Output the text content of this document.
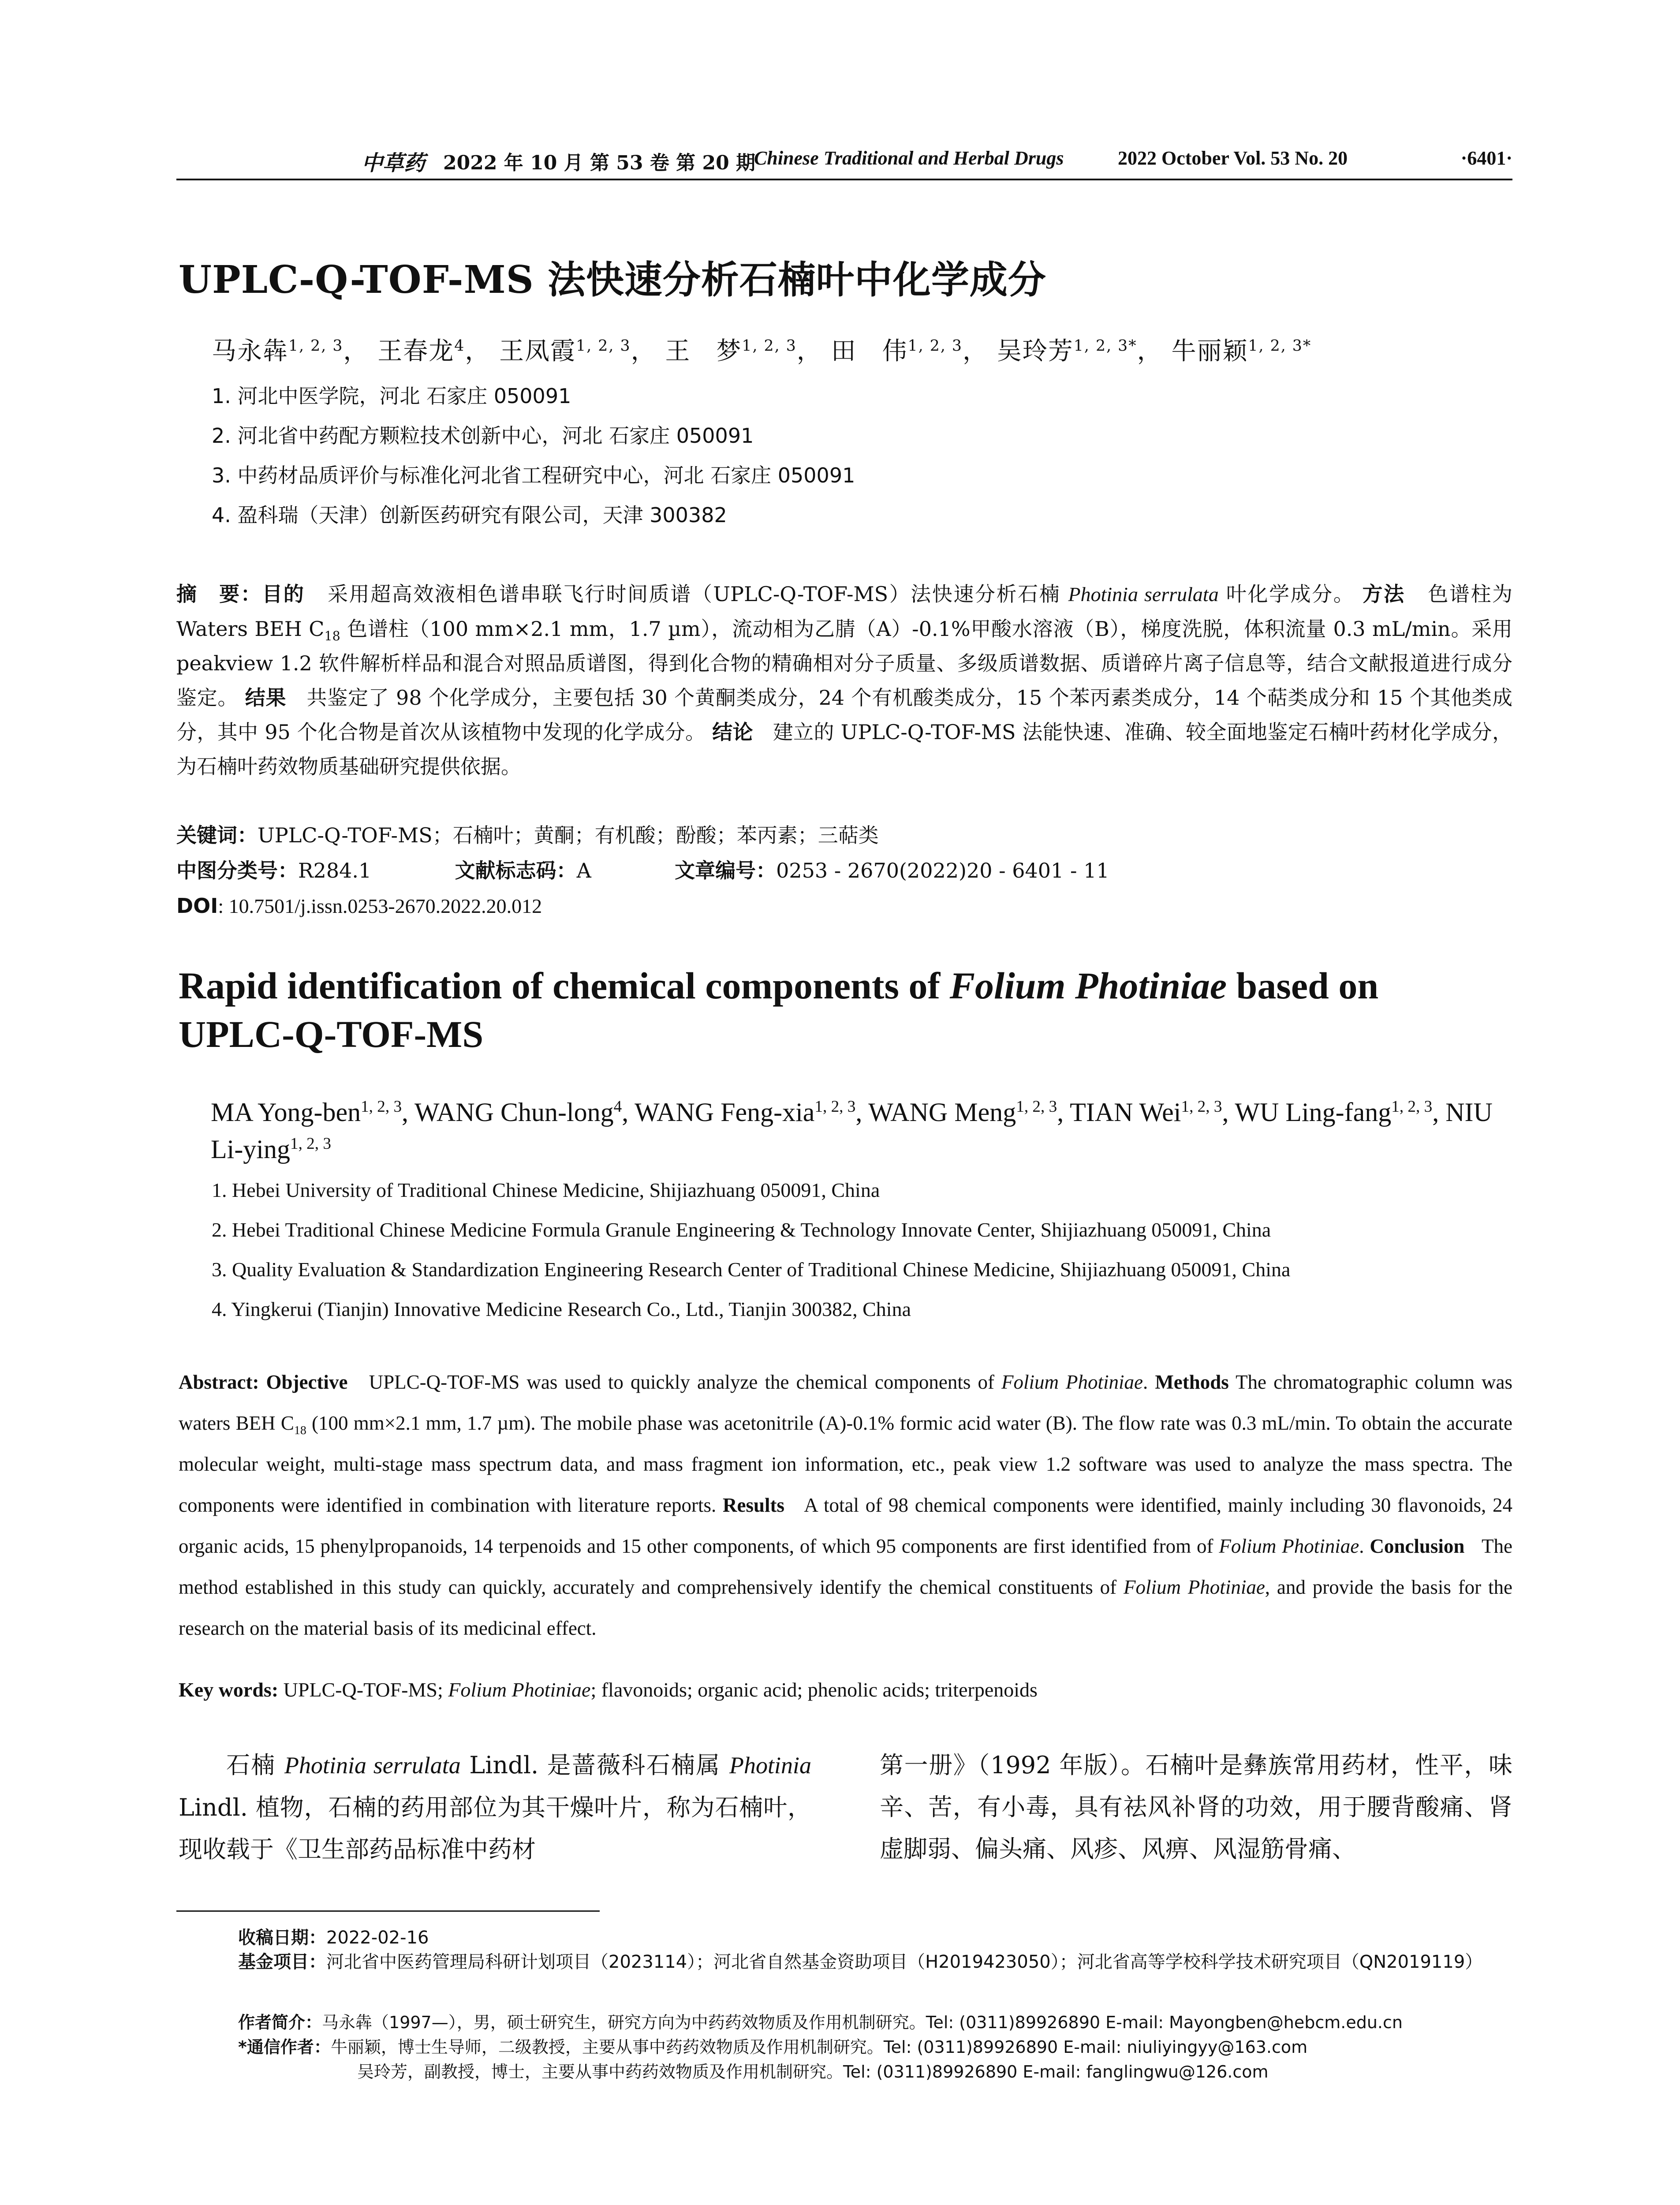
中草药 2022 年 10 月 第 53 卷 第 20 期
Chinese Traditional and Herbal Drugs	2022 October Vol. 53 No. 20	·6401·
UPLC-Q-TOF-MS 法快速分析石楠叶中化学成分
马永犇$^{1, 2, 3}$， 王春龙$^4$， 王凤霞$^{1, 2, 3}$， 王　梦$^{1, 2, 3}$， 田　伟$^{1, 2, 3}$， 吴玲芳$^{1, 2, 3*}$， 牛丽颖$^{1, 2, 3*}$
1. 河北中医学院，河北 石家庄 050091
2. 河北省中药配方颗粒技术创新中心，河北 石家庄 050091
3. 中药材品质评价与标准化河北省工程研究中心，河北 石家庄 050091
4. 盈科瑞（天津）创新医药研究有限公司，天津 300382
摘　要：目的 采用超高效液相色谱串联飞行时间质谱（UPLC-Q-TOF-MS）法快速分析石楠 Photinia serrulata 叶化学成分。 方法 色谱柱为 Waters BEH $C_{18}$ 色谱柱（100 mm×2.1 mm，1.7 µm），流动相为乙腈（A）-0.1%甲酸水溶液（B），梯度洗脱，体积流量 0.3 mL/min。采用 peakview 1.2 软件解析样品和混合对照品质谱图，得到化合物的精确相对分子质量、多级质谱数据、质谱碎片离子信息等，结合文献报道进行成分鉴定。 结果 共鉴定了 98 个化学成分，主要包括 30 个黄酮类成分，24 个有机酸类成分，15 个苯丙素类成分，14 个萜类成分和 15 个其他类成分，其中 95 个化合物是首次从该植物中发现的化学成分。 结论 建立的 UPLC-Q-TOF-MS 法能快速、准确、较全面地鉴定石楠叶药材化学成分，为石楠叶药效物质基础研究提供依据。
关键词：UPLC-Q-TOF-MS；石楠叶；黄酮；有机酸；酚酸；苯丙素；三萜类
中图分类号：R284.1	文献标志码：A	文章编号：0253 - 2670(2022)20 - 6401 - 11
DOI: 10.7501/j.issn.0253-2670.2022.20.012
Rapid identification of chemical components of Folium Photiniae based on UPLC-Q-TOF-MS
MA Yong-ben$^{1, 2, 3}$, WANG Chun-long$^4$, WANG Feng-xia$^{1, 2, 3}$, WANG Meng$^{1, 2, 3}$, TIAN Wei$^{1, 2, 3}$, WU Ling-fang$^{1, 2, 3}$, NIU Li-ying$^{1, 2, 3}$
1. Hebei University of Traditional Chinese Medicine, Shijiazhuang 050091, China
2. Hebei Traditional Chinese Medicine Formula Granule Engineering & Technology Innovate Center, Shijiazhuang 050091, China
3. Quality Evaluation & Standardization Engineering Research Center of Traditional Chinese Medicine, Shijiazhuang 050091, China
4. Yingkerui (Tianjin) Innovative Medicine Research Co., Ltd., Tianjin 300382, China
Abstract: Objective UPLC-Q-TOF-MS was used to quickly analyze the chemical components of Folium Photiniae. Methods The chromatographic column was waters BEH $C_{18}$ (100 mm×2.1 mm, 1.7 µm). The mobile phase was acetonitrile (A)-0.1% formic acid water (B). The flow rate was 0.3 mL/min. To obtain the accurate molecular weight, multi-stage mass spectrum data, and mass fragment ion information, etc., peak view 1.2 software was used to analyze the mass spectra. The components were identified in combination with literature reports. Results A total of 98 chemical components were identified, mainly including 30 flavonoids, 24 organic acids, 15 phenylpropanoids, 14 terpenoids and 15 other components, of which 95 components are first identified from of Folium Photiniae. Conclusion The method established in this study can quickly, accurately and comprehensively identify the chemical constituents of Folium Photiniae, and provide the basis for the research on the material basis of its medicinal effect.
Key words: UPLC-Q-TOF-MS; Folium Photiniae; flavonoids; organic acid; phenolic acids; triterpenoids
石楠 Photinia serrulata Lindl. 是蔷薇科石楠属 Photinia Lindl. 植物，石楠的药用部位为其干燥叶片，称为石楠叶，现收载于《卫生部药品标准中药材
第一册》（1992 年版）。石楠叶是彝族常用药材，性平，味辛、苦，有小毒，具有祛风补肾的功效，用于腰背酸痛、肾虚脚弱、偏头痛、风疹、风痹、风湿筋骨痛、
收稿日期：2022-02-16
基金项目：河北省中医药管理局科研计划项目（2023114）；河北省自然基金资助项目（H2019423050）；河北省高等学校科学技术研究项目（QN2019119）
作者简介：马永犇（1997—），男，硕士研究生，研究方向为中药药效物质及作用机制研究。Tel: (0311)89926890 E-mail: Mayongben@hebcm.edu.cn
*通信作者：牛丽颖，博士生导师，二级教授，主要从事中药药效物质及作用机制研究。Tel: (0311)89926890 E-mail: niuliyingyy@163.com
吴玲芳，副教授，博士，主要从事中药药效物质及作用机制研究。Tel: (0311)89926890 E-mail: fanglingwu@126.com
